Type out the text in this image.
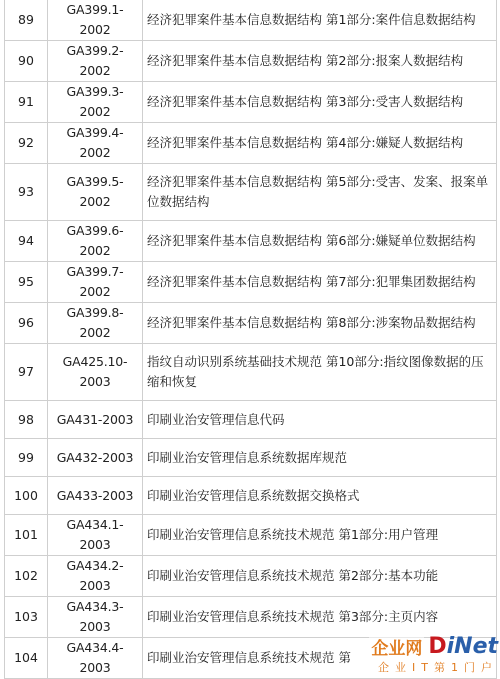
89	GA399.1-2002	经济犯罪案件基本信息数据结构 第1部分:案件信息数据结构
90	GA399.2-2002	经济犯罪案件基本信息数据结构 第2部分:报案人数据结构
91	GA399.3-2002	经济犯罪案件基本信息数据结构 第3部分:受害人数据结构
92	GA399.4-2002	经济犯罪案件基本信息数据结构 第4部分:嫌疑人数据结构
93	GA399.5-2002	经济犯罪案件基本信息数据结构 第5部分:受害、发案、报案单位数据结构
94	GA399.6-2002	经济犯罪案件基本信息数据结构 第6部分:嫌疑单位数据结构
95	GA399.7-2002	经济犯罪案件基本信息数据结构 第7部分:犯罪集团数据结构
96	GA399.8-2002	经济犯罪案件基本信息数据结构 第8部分:涉案物品数据结构
97	GA425.10-2003	指纹自动识别系统基础技术规范 第10部分:指纹图像数据的压缩和恢复
98	GA431-2003	印刷业治安管理信息代码
99	GA432-2003	印刷业治安管理信息系统数据库规范
100	GA433-2003	印刷业治安管理信息系统数据交换格式
101	GA434.1-2003	印刷业治安管理信息系统技术规范 第1部分:用户管理
102	GA434.2-2003	印刷业治安管理信息系统技术规范 第2部分:基本功能
103	GA434.3-2003	印刷业治安管理信息系统技术规范 第3部分:主页内容
104	GA434.4-2003	印刷业治安管理信息系统技术规范 第 企业网 D iNet
企业IT第1门户
